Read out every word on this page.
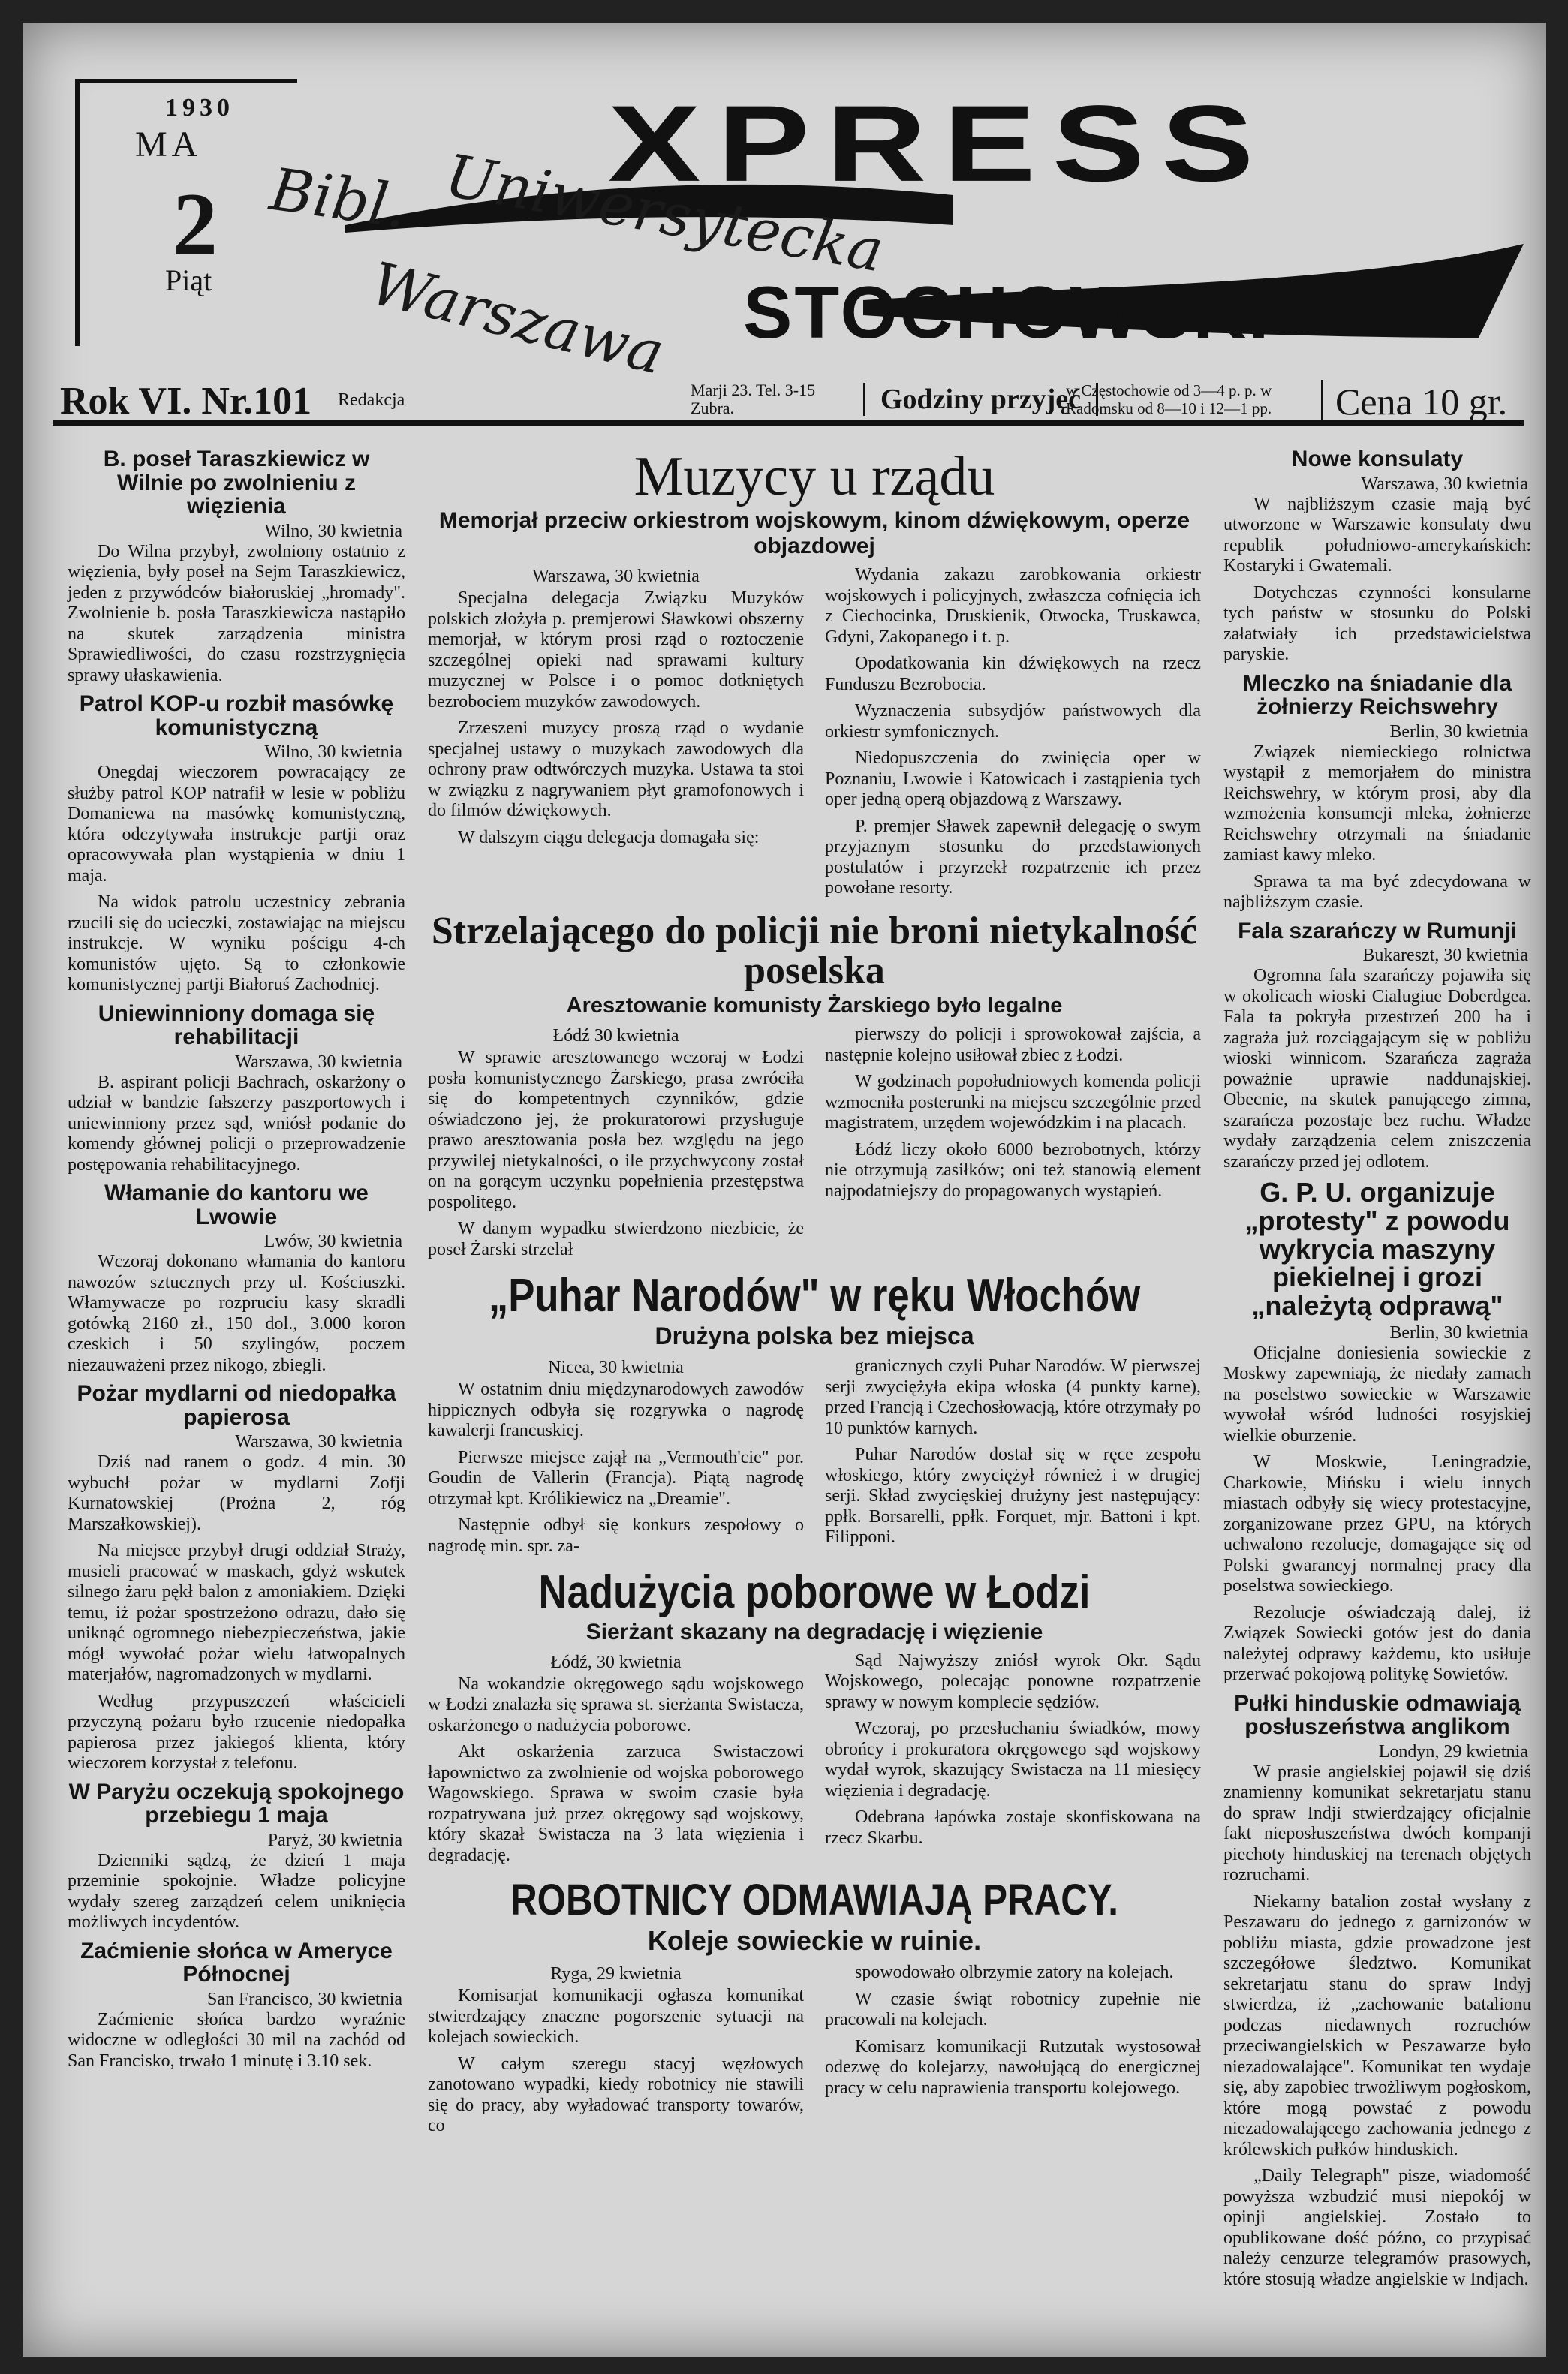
XPRESS
STOCHOWSKI
1930
MA
2
Piąt
Bibl. Uniwersytecka
Warszawa
Rok VI. Nr.101 Redakcja
Marji 23. Tel. 3-15 Zubra.	Godziny przyjęć
w Częstochowie od 3—4 p. p. w Radomsku od 8—10 i 12—1 pp.	Cena 10 gr.
B. poseł Taraszkiewicz w Wilnie po zwolnieniu z więzienia
Wilno, 30 kwietnia

Do Wilna przybył, zwolniony ostatnio z więzienia, były poseł na Sejm Taraszkiewicz, jeden z przywódców białoruskiej „hromady". Zwolnienie b. posła Taraszkiewicza nastąpiło na skutek zarządzenia ministra Sprawiedliwości, do czasu rozstrzygnięcia sprawy ułaskawienia.

Patrol KOP-u rozbił masówkę komunistyczną
Wilno, 30 kwietnia

Onegdaj wieczorem powracający ze służby patrol KOP natrafił w lesie w pobliżu Domaniewa na masówkę komunistyczną, która odczytywała instrukcje partji oraz opracowywała plan wystąpienia w dniu 1 maja.

Na widok patrolu uczestnicy zebrania rzucili się do ucieczki, zostawiając na miejscu instrukcje. W wyniku pościgu 4-ch komunistów ujęto. Są to członkowie komunistycznej partji Białoruś Zachodniej.

Uniewinniony domaga się rehabilitacji
Warszawa, 30 kwietnia

B. aspirant policji Bachrach, oskarżony o udział w bandzie fałszerzy paszportowych i uniewinniony przez sąd, wniósł podanie do komendy głównej policji o przeprowadzenie postępowania rehabilitacyjnego.

Włamanie do kantoru we Lwowie
Lwów, 30 kwietnia

Wczoraj dokonano włamania do kantoru nawozów sztucznych przy ul. Kościuszki. Włamywacze po rozpruciu kasy skradli gotówką 2160 zł., 150 dol., 3.000 koron czeskich i 50 szylingów, poczem niezauważeni przez nikogo, zbiegli.

Pożar mydlarni od niedopałka papierosa
Warszawa, 30 kwietnia

Dziś nad ranem o godz. 4 min. 30 wybuchł pożar w mydlarni Zofji Kurnatowskiej (Prożna 2, róg Marszałkowskiej).

Na miejsce przybył drugi oddział Straży, musieli pracować w maskach, gdyż wskutek silnego żaru pękł balon z amoniakiem. Dzięki temu, iż pożar spostrzeżono odrazu, dało się uniknąć ogromnego niebezpieczeństwa, jakie mógł wywołać pożar wielu łatwopalnych materjałów, nagromadzonych w mydlarni.

Według przypuszczeń właścicieli przyczyną pożaru było rzucenie niedopałka papierosa przez jakiegoś klienta, który wieczorem korzystał z telefonu.

W Paryżu oczekują spokojnego przebiegu 1 maja
Paryż, 30 kwietnia

Dzienniki sądzą, że dzień 1 maja przeminie spokojnie. Władze policyjne wydały szereg zarządzeń celem uniknięcia możliwych incydentów.

Zaćmienie słońca w Ameryce Północnej
San Francisco, 30 kwietnia

Zaćmienie słońca bardzo wyraźnie widoczne w odległości 30 mil na zachód od San Francisko, trwało 1 minutę i 3.10 sek.

Muzycy u rządu
Memorjał przeciw orkiestrom wojskowym, kinom dźwiękowym, operze objazdowej
Warszawa, 30 kwietnia

Specjalna delegacja Związku Muzyków polskich złożyła p. premjerowi Sławkowi obszerny memorjał, w którym prosi rząd o roztoczenie szczególnej opieki nad sprawami kultury muzycznej w Polsce i o pomoc dotkniętych bezrobociem muzyków zawodowych.

Zrzeszeni muzycy proszą rząd o wydanie specjalnej ustawy o muzykach zawodowych dla ochrony praw odtwórczych muzyka. Ustawa ta stoi w związku z nagrywaniem płyt gramofonowych i do filmów dźwiękowych.

W dalszym ciągu delegacja domagała się:

Wydania zakazu zarobkowania orkiestr wojskowych i policyjnych, zwłaszcza cofnięcia ich z Ciechocinka, Druskienik, Otwocka, Truskawca, Gdyni, Zakopanego i t. p.

Opodatkowania kin dźwiękowych na rzecz Funduszu Bezrobocia.

Wyznaczenia subsydjów państwowych dla orkiestr symfonicznych.

Niedopuszczenia do zwinięcia oper w Poznaniu, Lwowie i Katowicach i zastąpienia tych oper jedną operą objazdową z Warszawy.

P. premjer Sławek zapewnił delegację o swym przyjaznym stosunku do przedstawionych postulatów i przyrzekł rozpatrzenie ich przez powołane resorty.

Strzelającego do policji nie broni nietykalność poselska
Aresztowanie komunisty Żarskiego było legalne
Łódź 30 kwietnia

W sprawie aresztowanego wczoraj w Łodzi posła komunistycznego Żarskiego, prasa zwróciła się do kompetentnych czynników, gdzie oświadczono jej, że prokuratorowi przysługuje prawo aresztowania posła bez względu na jego przywilej nietykalności, o ile przychwycony został on na gorącym uczynku popełnienia przestępstwa pospolitego.

W danym wypadku stwierdzono niezbicie, że poseł Żarski strzelał

pierwszy do policji i sprowokował zajścia, a następnie kolejno usiłował zbiec z Łodzi.

W godzinach popołudniowych komenda policji wzmocniła posterunki na miejscu szczególnie przed magistratem, urzędem wojewódzkim i na placach.

Łódź liczy około 6000 bezrobotnych, którzy nie otrzymują zasiłków; oni też stanowią element najpodatniejszy do propagowanych wystąpień.

„Puhar Narodów" w ręku Włochów
Drużyna polska bez miejsca
Nicea, 30 kwietnia

W ostatnim dniu międzynarodowych zawodów hippicznych odbyła się rozgrywka o nagrodę kawalerji francuskiej.

Pierwsze miejsce zajął na „Vermouth'cie" por. Goudin de Vallerin (Francja). Piątą nagrodę otrzymał kpt. Królikiewicz na „Dreamie".

Następnie odbył się konkurs zespołowy o nagrodę min. spr. za-

granicznych czyli Puhar Narodów. W pierwszej serji zwyciężyła ekipa włoska (4 punkty karne), przed Francją i Czechosłowacją, które otrzymały po 10 punktów karnych.

Puhar Narodów dostał się w ręce zespołu włoskiego, który zwyciężył również i w drugiej serji. Skład zwycięskiej drużyny jest następujący: ppłk. Borsarelli, ppłk. Forquet, mjr. Battoni i kpt. Filipponi.

Nadużycia poborowe w Łodzi
Sierżant skazany na degradację i więzienie
Łódź, 30 kwietnia

Na wokandzie okręgowego sądu wojskowego w Łodzi znalazła się sprawa st. sierżanta Swistacza, oskarżonego o nadużycia poborowe.

Akt oskarżenia zarzuca Swistaczowi łapownictwo za zwolnienie od wojska poborowego Wagowskiego. Sprawa w swoim czasie była rozpatrywana już przez okręgowy sąd wojskowy, który skazał Swistacza na 3 lata więzienia i degradację.

Sąd Najwyższy zniósł wyrok Okr. Sądu Wojskowego, polecając ponowne rozpatrzenie sprawy w nowym komplecie sędziów.

Wczoraj, po przesłuchaniu świadków, mowy obrońcy i prokuratora okręgowego sąd wojskowy wydał wyrok, skazujący Swistacza na 11 miesięcy więzienia i degradację.

Odebrana łapówka zostaje skonfiskowana na rzecz Skarbu.

ROBOTNICY ODMAWIAJĄ PRACY.
Koleje sowieckie w ruinie.
Ryga, 29 kwietnia

Komisarjat komunikacji ogłasza komunikat stwierdzający znaczne pogorszenie sytuacji na kolejach sowieckich.

W całym szeregu stacyj węzłowych zanotowano wypadki, kiedy robotnicy nie stawili się do pracy, aby wyładować transporty towarów, co

spowodowało olbrzymie zatory na kolejach.

W czasie świąt robotnicy zupełnie nie pracowali na kolejach.

Komisarz komunikacji Rutzutak wystosował odezwę do kolejarzy, nawołującą do energicznej pracy w celu naprawienia transportu kolejowego.

Nowe konsulaty
Warszawa, 30 kwietnia

W najbliższym czasie mają być utworzone w Warszawie konsulaty dwu republik południowo-amerykańskich: Kostaryki i Gwatemali.

Dotychczas czynności konsularne tych państw w stosunku do Polski załatwiały ich przedstawicielstwa paryskie.

Mleczko na śniadanie dla żołnierzy Reichswehry
Berlin, 30 kwietnia

Związek niemieckiego rolnictwa wystąpił z memorjałem do ministra Reichswehry, w którym prosi, aby dla wzmożenia konsumcji mleka, żołnierze Reichswehry otrzymali na śniadanie zamiast kawy mleko.

Sprawa ta ma być zdecydowana w najbliższym czasie.

Fala szarańczy w Rumunji
Bukareszt, 30 kwietnia

Ogromna fala szarańczy pojawiła się w okolicach wioski Cialugiue Doberdgea. Fala ta pokryła przestrzeń 200 ha i zagraża już rozciągającym się w pobliżu wioski winnicom. Szarańcza zagraża poważnie uprawie naddunajskiej. Obecnie, na skutek panującego zimna, szarańcza pozostaje bez ruchu. Władze wydały zarządzenia celem zniszczenia szarańczy przed jej odlotem.

G. P. U. organizuje „protesty" z powodu wykrycia maszyny piekielnej i grozi „należytą odprawą"
Berlin, 30 kwietnia

Oficjalne doniesienia sowieckie z Moskwy zapewniają, że niedały zamach na poselstwo sowieckie w Warszawie wywołał wśród ludności rosyjskiej wielkie oburzenie.

W Moskwie, Leningradzie, Charkowie, Mińsku i wielu innych miastach odbyły się wiecy protestacyjne, zorganizowane przez GPU, na których uchwalono rezolucje, domagające się od Polski gwarancyj normalnej pracy dla poselstwa sowieckiego.

Rezolucje oświadczają dalej, iż Związek Sowiecki gotów jest do dania należytej odprawy każdemu, kto usiłuje przerwać pokojową politykę Sowietów.

Pułki hinduskie odmawiają posłuszeństwa anglikom
Londyn, 29 kwietnia

W prasie angielskiej pojawił się dziś znamienny komunikat sekretarjatu stanu do spraw Indji stwierdzający oficjalnie fakt nieposłuszeństwa dwóch kompanji piechoty hinduskiej na terenach objętych rozruchami.

Niekarny batalion został wysłany z Peszawaru do jednego z garnizonów w pobliżu miasta, gdzie prowadzone jest szczegółowe śledztwo. Komunikat sekretarjatu stanu do spraw Indyj stwierdza, iż „zachowanie batalionu podczas niedawnych rozruchów przeciwangielskich w Peszawarze było niezadowalające". Komunikat ten wydaje się, aby zapobiec trwożliwym pogłoskom, które mogą powstać z powodu niezadowalającego zachowania jednego z królewskich pułków hinduskich.

„Daily Telegraph" pisze, wiadomość powyższa wzbudzić musi niepokój w opinji angielskiej. Zostało to opublikowane dość późno, co przypisać należy cenzurze telegramów prasowych, które stosują władze angielskie w Indjach.
